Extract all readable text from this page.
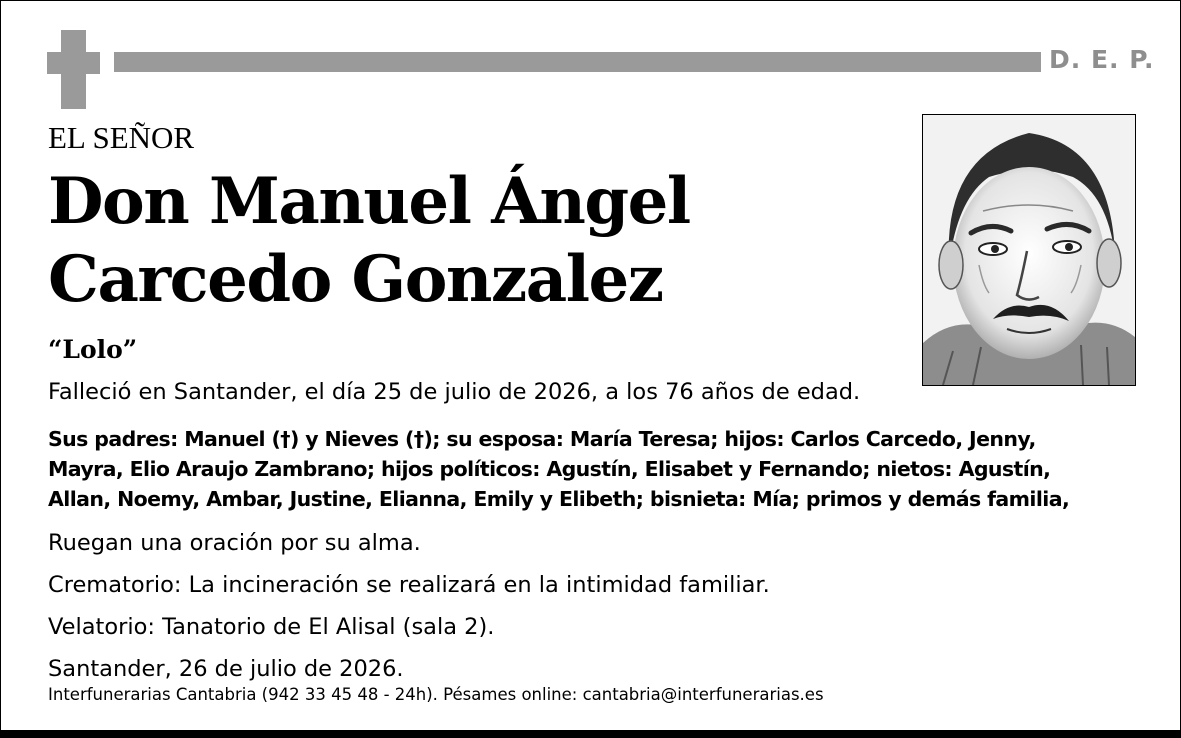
D. E. P.
EL SEÑOR
Don Manuel Ángel
Carcedo Gonzalez
“Lolo”
Falleció en Santander, el día 25 de julio de 2026, a los 76 años de edad.
Sus padres: Manuel (†) y Nieves (†); su esposa: María Teresa; hijos: Carlos Carcedo, Jenny,
Mayra, Elio Araujo Zambrano; hijos políticos: Agustín, Elisabet y Fernando; nietos: Agustín,
Allan, Noemy, Ambar, Justine, Elianna, Emily y Elibeth; bisnieta: Mía; primos y demás familia,
Ruegan una oración por su alma.
Crematorio: La incineración se realizará en la intimidad familiar.
Velatorio: Tanatorio de El Alisal (sala 2).
Santander, 26 de julio de 2026.
Interfunerarias Cantabria (942 33 45 48 - 24h). Pésames online: cantabria@interfunerarias.es
